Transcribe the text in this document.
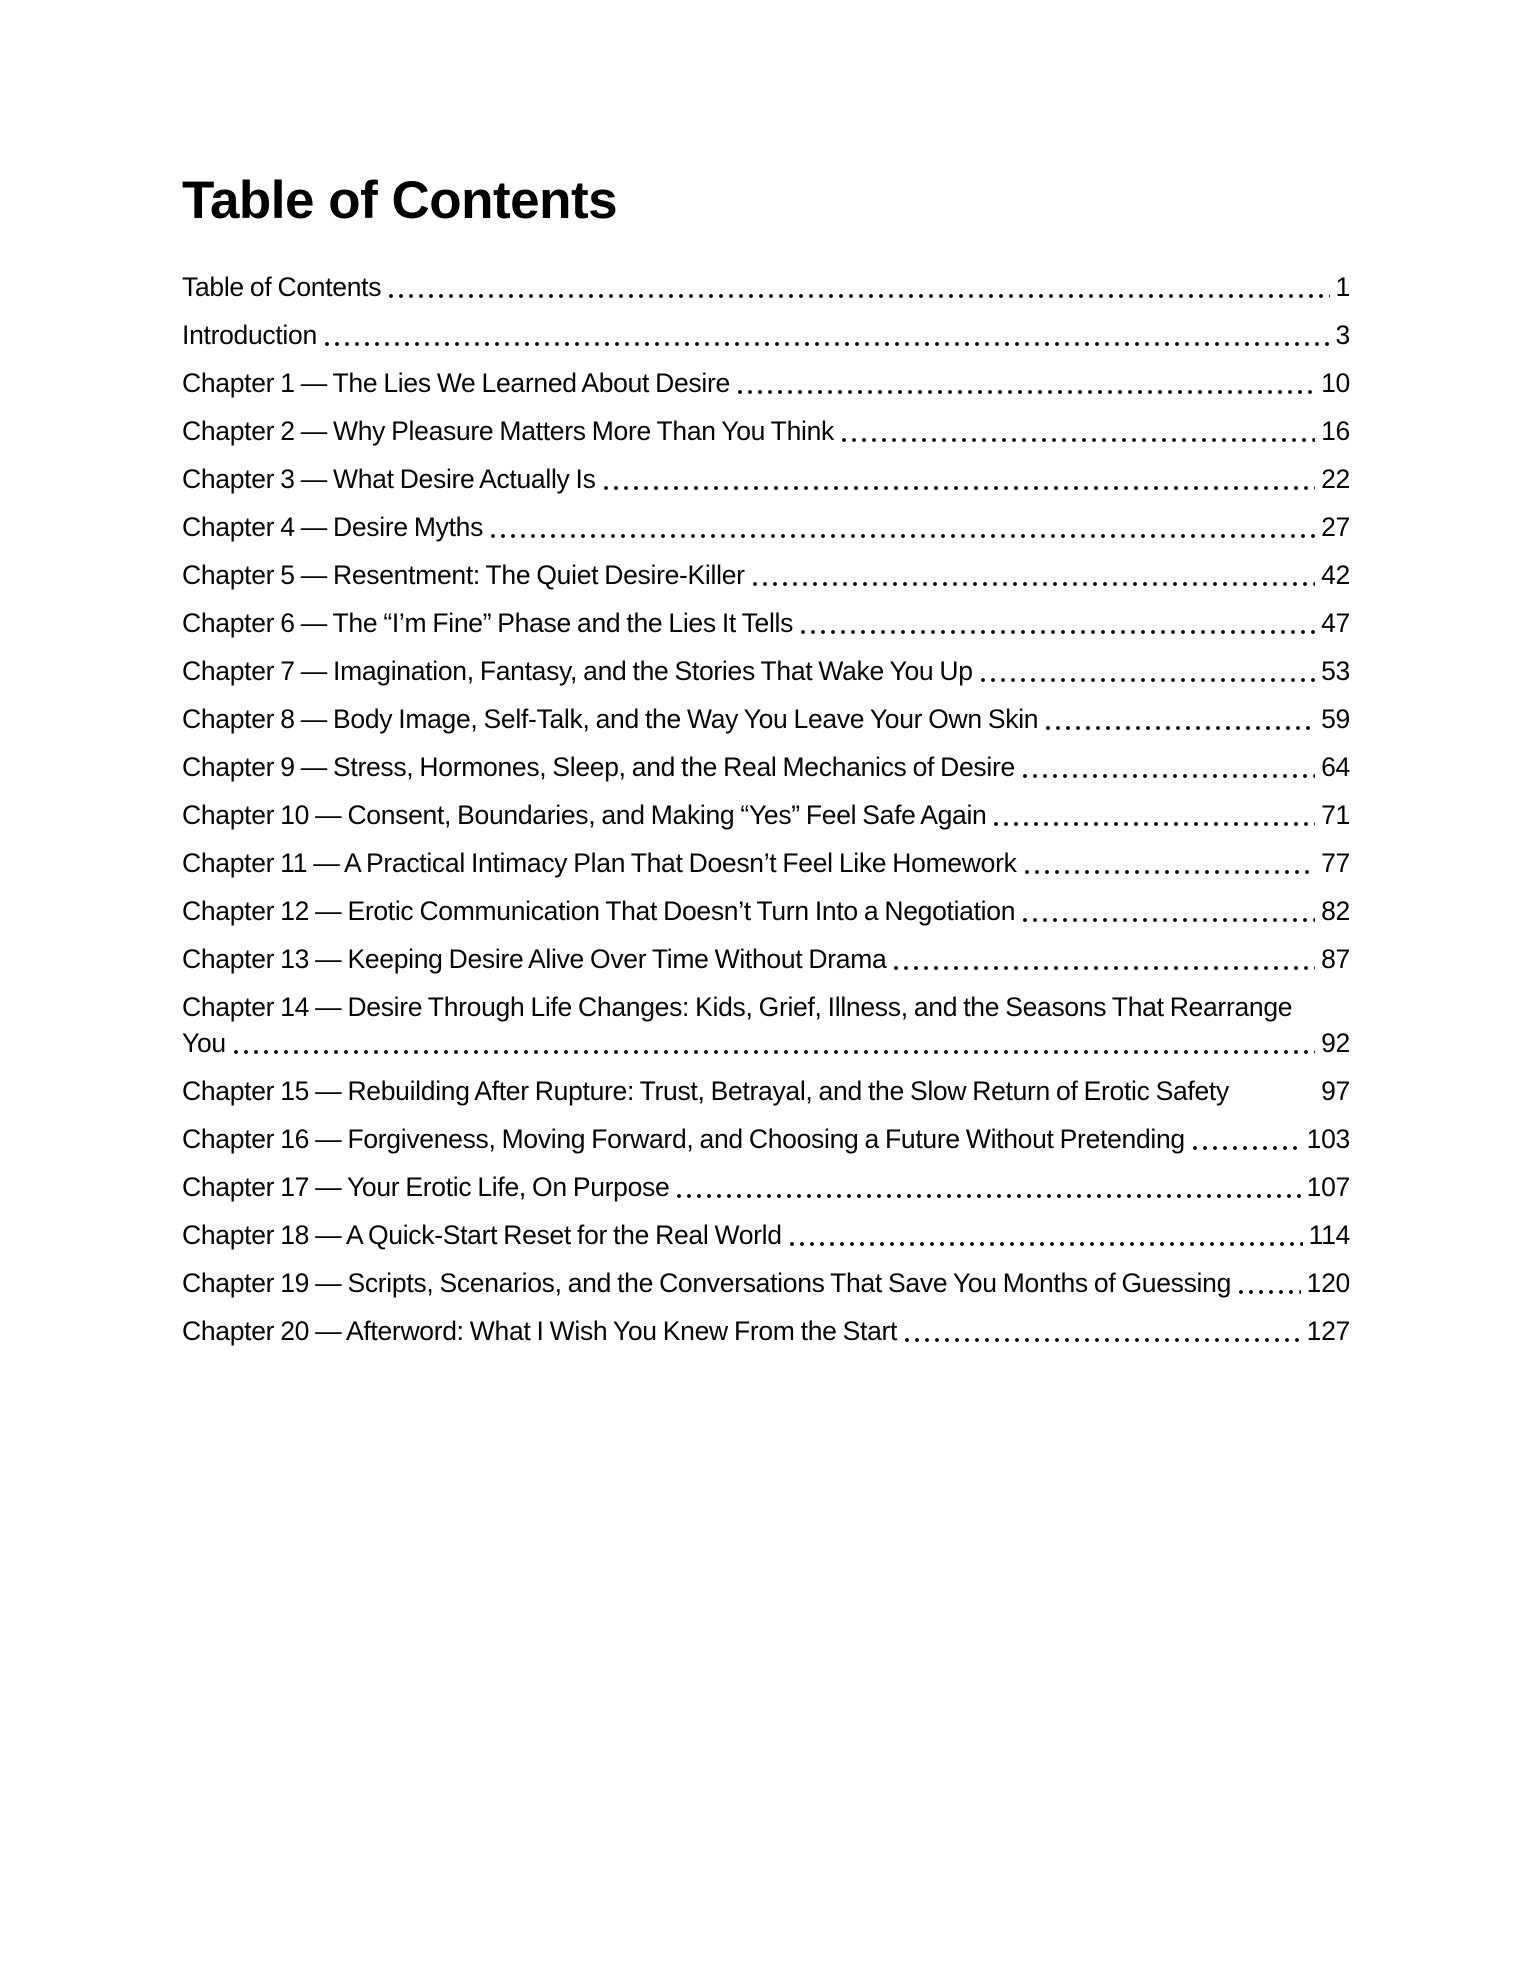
Table of Contents
Table of Contents	1
Introduction	3
Chapter 1 — The Lies We Learned About Desire	10
Chapter 2 — Why Pleasure Matters More Than You Think	16
Chapter 3 — What Desire Actually Is	22
Chapter 4 — Desire Myths	27
Chapter 5 — Resentment: The Quiet Desire-Killer	42
Chapter 6 — The “I’m Fine” Phase and the Lies It Tells	47
Chapter 7 — Imagination, Fantasy, and the Stories That Wake You Up	53
Chapter 8 — Body Image, Self-Talk, and the Way You Leave Your Own Skin	59
Chapter 9 — Stress, Hormones, Sleep, and the Real Mechanics of Desire	64
Chapter 10 — Consent, Boundaries, and Making “Yes” Feel Safe Again	71
Chapter 11 — A Practical Intimacy Plan That Doesn’t Feel Like Homework	77
Chapter 12 — Erotic Communication That Doesn’t Turn Into a Negotiation	82
Chapter 13 — Keeping Desire Alive Over Time Without Drama	87
Chapter 14 — Desire Through Life Changes: Kids, Grief, Illness, and the Seasons That Rearrange
You	92
Chapter 15 — Rebuilding After Rupture: Trust, Betrayal, and the Slow Return of Erotic Safety	97
Chapter 16 — Forgiveness, Moving Forward, and Choosing a Future Without Pretending	103
Chapter 17 — Your Erotic Life, On Purpose	107
Chapter 18 — A Quick-Start Reset for the Real World	114
Chapter 19 — Scripts, Scenarios, and the Conversations That Save You Months of Guessing	120
Chapter 20 — Afterword: What I Wish You Knew From the Start	127
